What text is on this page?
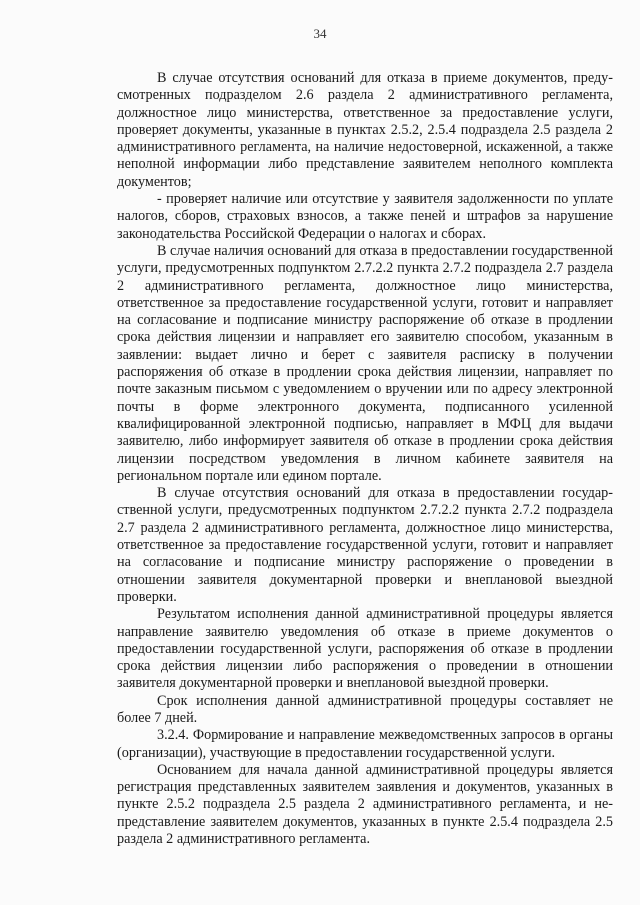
34

В случае отсутствия оснований для отказа в приеме документов, предусмотренных подразделом 2.6 раздела 2 административного регламента, должностное лицо министерства, ответственное за предоставление услуги, проверяет документы, указанные в пунктах 2.5.2, 2.5.4 подраздела 2.5 раздела 2 административного регламента, на наличие недостоверной, искаженной, а также неполной информации либо представление заявителем неполного комплекта документов;

- проверяет наличие или отсутствие у заявителя задолженности по уплате налогов, сборов, страховых взносов, а также пеней и штрафов за нарушение законодательства Российской Федерации о налогах и сборах.

В случае наличия оснований для отказа в предоставлении государственной услуги, предусмотренных подпунктом 2.7.2.2 пункта 2.7.2 подраздела 2.7 раздела 2 административного регламента, должностное лицо министерства, ответственное за предоставление государственной услуги, готовит и направляет на согласование и подписание министру распоряжение об отказе в продлении срока действия лицензии и направляет его заявителю способом, указанным в заявлении: выдает лично и берет с заявителя расписку в получении распоряжения об отказе в продлении срока действия лицензии, направляет по почте заказным письмом с уведомлением о вручении или по адресу электронной почты в форме электронного документа, подписанного усиленной квалифицированной электронной подписью, направляет в МФЦ для выдачи заявителю, либо информирует заявителя об отказе в продлении срока действия лицензии посредством уведомления в личном кабинете заявителя на региональном портале или едином портале.

В случае отсутствия оснований для отказа в предоставлении государственной услуги, предусмотренных подпунктом 2.7.2.2 пункта 2.7.2 подраздела 2.7 раздела 2 административного регламента, должностное лицо министерства, ответственное за предоставление государственной услуги, готовит и направляет на согласование и подписание министру распоряжение о проведении в отношении заявителя документарной проверки и внеплановой выездной проверки.

Результатом исполнения данной административной процедуры является направление заявителю уведомления об отказе в приеме документов о предоставлении государственной услуги, распоряжения об отказе в продлении срока действия лицензии либо распоряжения о проведении в отношении заявителя документарной проверки и внеплановой выездной проверки.

Срок исполнения данной административной процедуры составляет не более 7 дней.

3.2.4. Формирование и направление межведомственных запросов в органы (организации), участвующие в предоставлении государственной услуги.

Основанием для начала данной административной процедуры является регистрация представленных заявителем заявления и документов, указанных в пункте 2.5.2 подраздела 2.5 раздела 2 административного регламента, и непредставление заявителем документов, указанных в пункте 2.5.4 подраздела 2.5 раздела 2 административного регламента.
